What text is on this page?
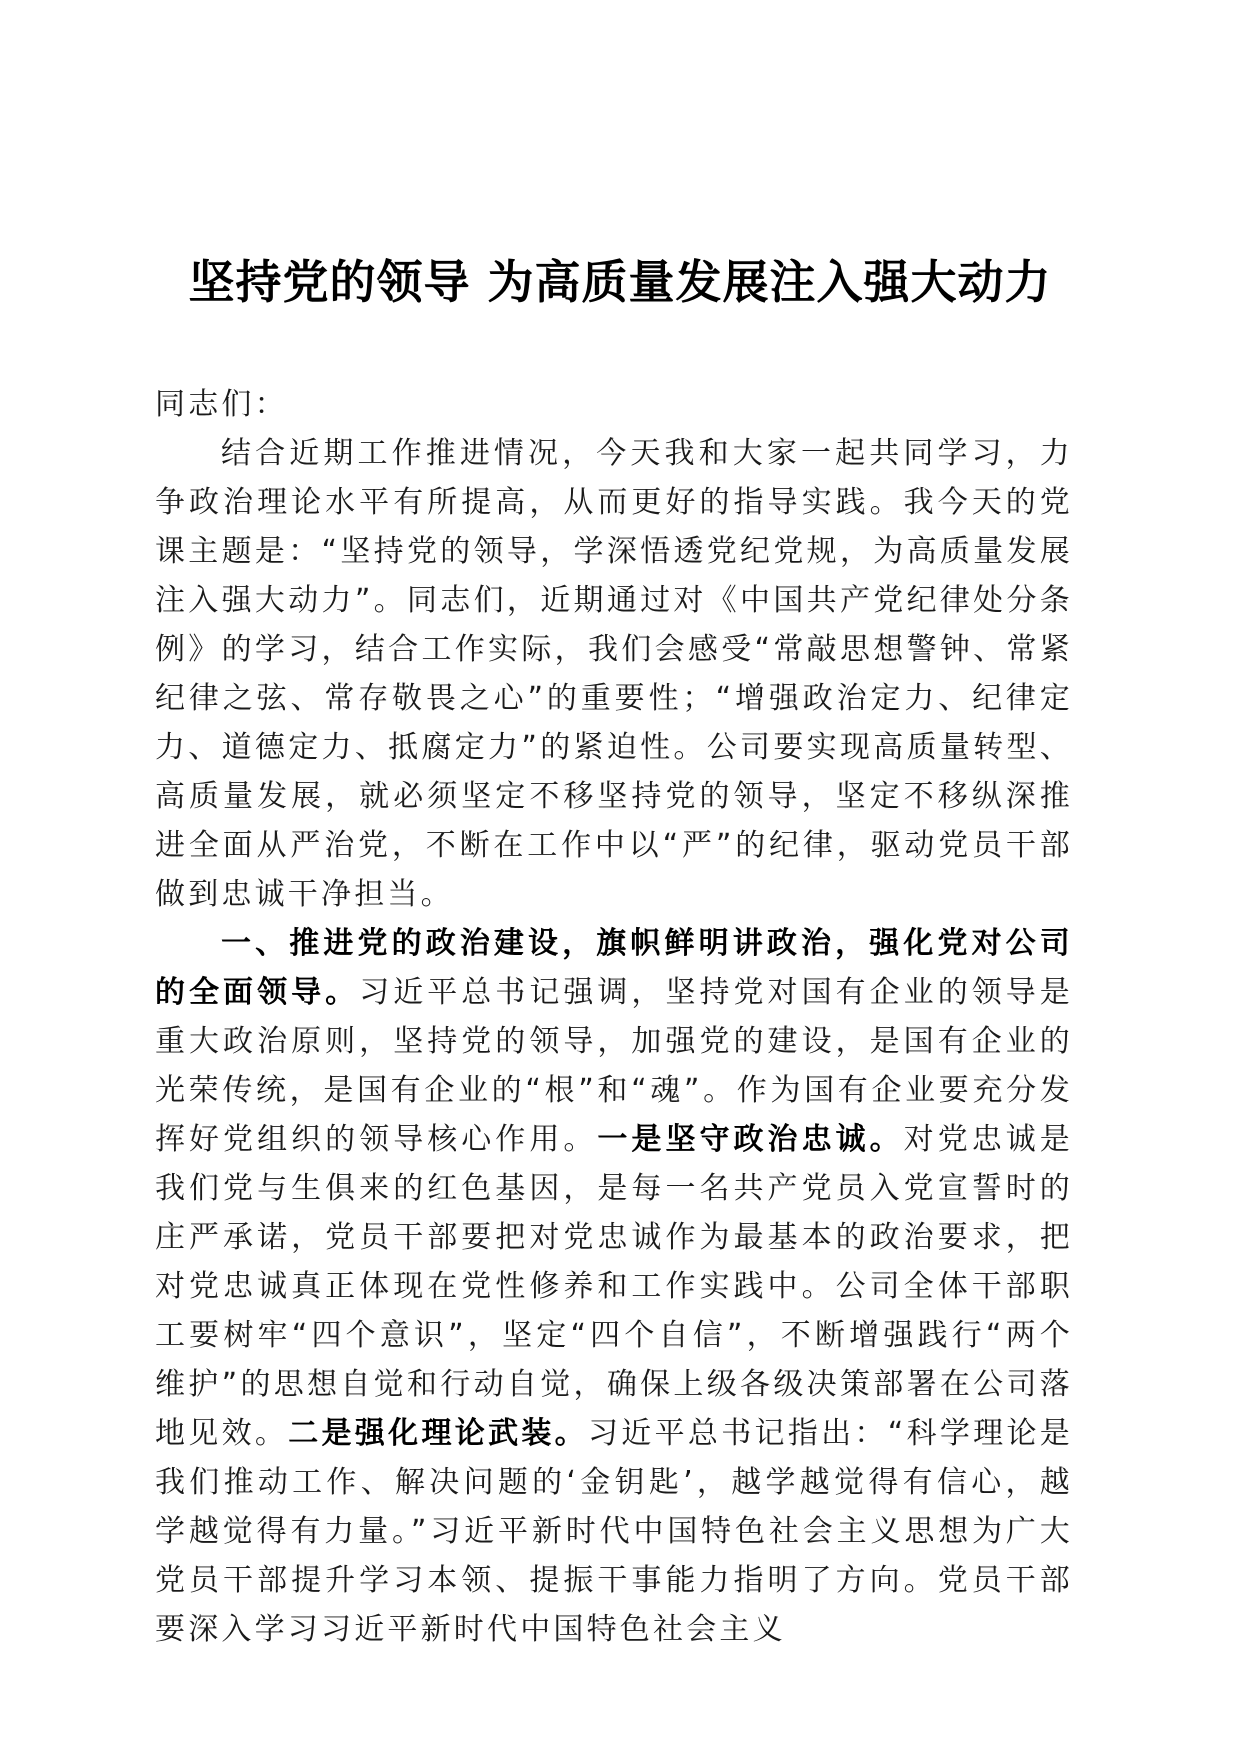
坚持党的领导 为高质量发展注入强大动力

同志们：

结合近期工作推进情况，今天我和大家一起共同学习，力争政治理论水平有所提高，从而更好的指导实践。我今天的党课主题是：“坚持党的领导，学深悟透党纪党规，为高质量发展注入强大动力”。同志们，近期通过对《中国共产党纪律处分条例》的学习，结合工作实际，我们会感受“常敲思想警钟、常紧纪律之弦、常存敬畏之心”的重要性；“增强政治定力、纪律定力、道德定力、抵腐定力”的紧迫性。公司要实现高质量转型、高质量发展，就必须坚定不移坚持党的领导，坚定不移纵深推进全面从严治党，不断在工作中以“严”的纪律，驱动党员干部做到忠诚干净担当。

一、推进党的政治建设，旗帜鲜明讲政治，强化党对公司的全面领导。习近平总书记强调，坚持党对国有企业的领导是重大政治原则，坚持党的领导，加强党的建设，是国有企业的光荣传统，是国有企业的“根”和“魂”。作为国有企业要充分发挥好党组织的领导核心作用。一是坚守政治忠诚。对党忠诚是我们党与生俱来的红色基因，是每一名共产党员入党宣誓时的庄严承诺，党员干部要把对党忠诚作为最基本的政治要求，把对党忠诚真正体现在党性修养和工作实践中。公司全体干部职工要树牢“四个意识”，坚定“四个自信”，不断增强践行“两个维护”的思想自觉和行动自觉，确保上级各级决策部署在公司落地见效。二是强化理论武装。习近平总书记指出：“科学理论是我们推动工作、解决问题的‘金钥匙’，越学越觉得有信心，越学越觉得有力量。”习近平新时代中国特色社会主义思想为广大党员干部提升学习本领、提振干事能力指明了方向。党员干部要深入学习习近平新时代中国特色社会主义
